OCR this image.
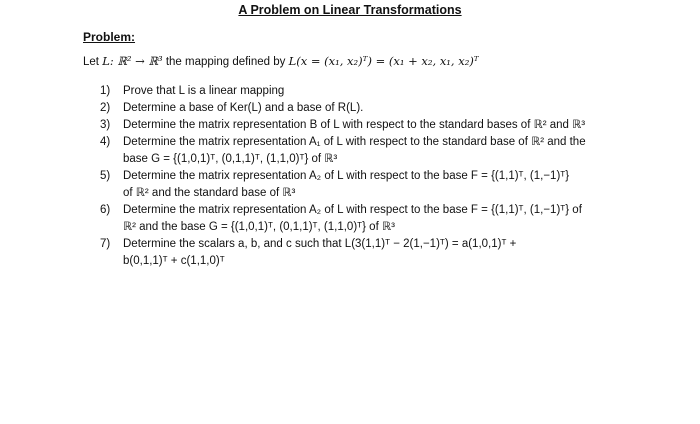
A Problem on Linear Transformations
Problem:
Let L: ℝ² → ℝ³ the mapping defined by L(x = (x₁, x₂)ᵀ) = (x₁ + x₂, x₁, x₂)ᵀ
1) Prove that L is a linear mapping
2) Determine a base of Ker(L) and a base of R(L).
3) Determine the matrix representation B of L with respect to the standard bases of ℝ² and ℝ³
4) Determine the matrix representation A₁ of L with respect to the standard base of ℝ² and the
base G = {(1,0,1)ᵀ, (0,1,1)ᵀ, (1,1,0)ᵀ} of ℝ³
5) Determine the matrix representation A₂ of L with respect to the base F = {(1,1)ᵀ, (1,−1)ᵀ}
of ℝ² and the standard base of ℝ³
6) Determine the matrix representation A₂ of L with respect to the base F = {(1,1)ᵀ, (1,−1)ᵀ} of
ℝ² and the base G = {(1,0,1)ᵀ, (0,1,1)ᵀ, (1,1,0)ᵀ} of ℝ³
7) Determine the scalars a, b, and c such that L(3(1,1)ᵀ − 2(1,−1)ᵀ) = a(1,0,1)ᵀ +
b(0,1,1)ᵀ + c(1,1,0)ᵀ
